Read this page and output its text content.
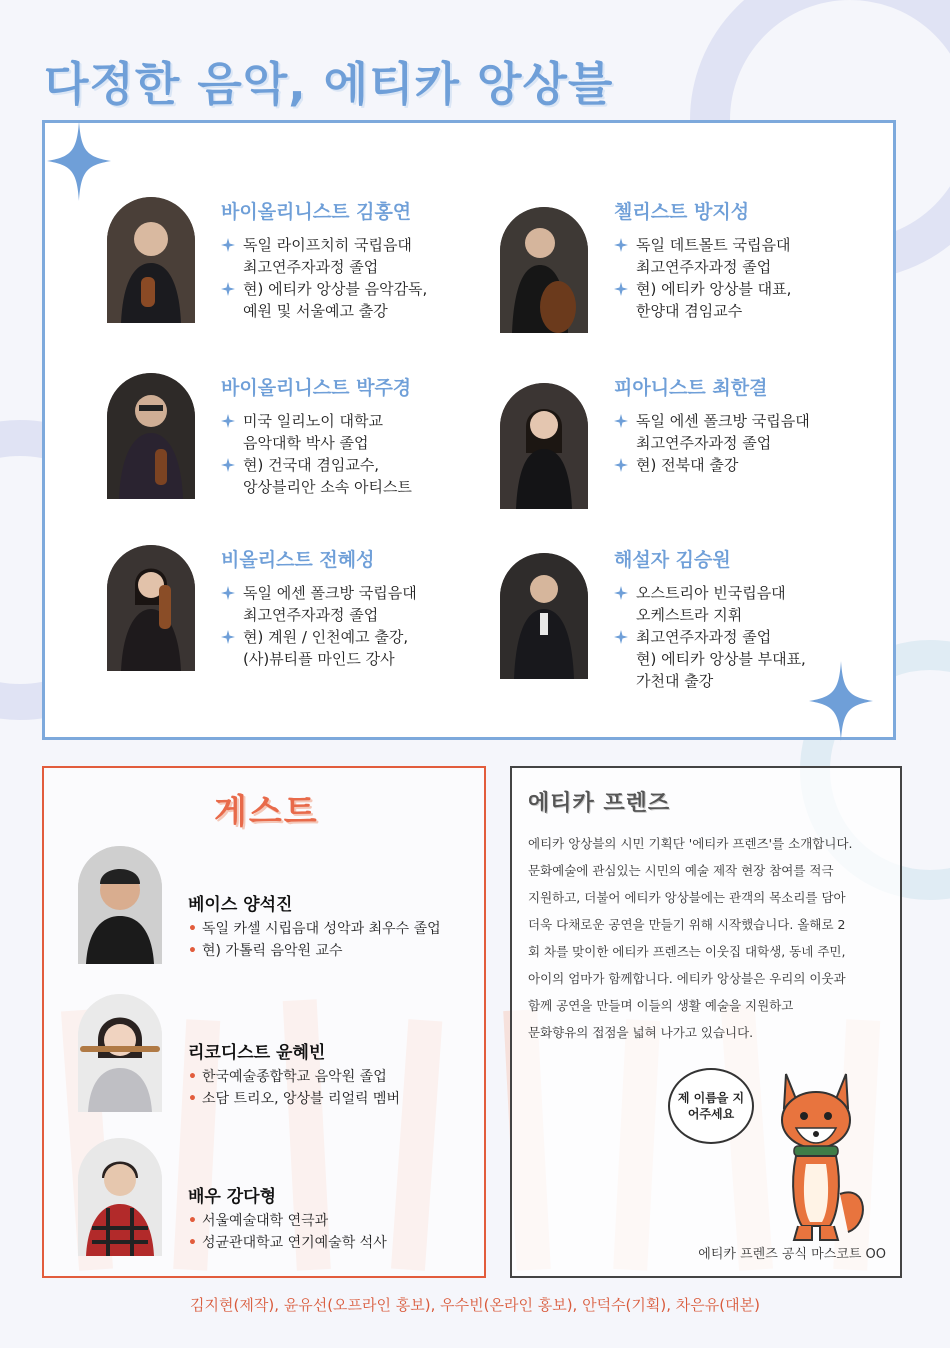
다정한 음악, 에티카 앙상블
바이올리니스트 김홍연
독일 라이프치히 국립음대
최고연주자과정 졸업
현) 에티카 앙상블 음악감독,
예원 및 서울예고 출강
첼리스트 방지성
독일 데트몰트 국립음대
최고연주자과정 졸업
현) 에티카 앙상블 대표,
한양대 겸임교수
바이올리니스트 박주경
미국 일리노이 대학교
음악대학 박사 졸업
현) 건국대 겸임교수,
앙상블리안 소속 아티스트
피아니스트 최한결
독일 에센 폴크방 국립음대
최고연주자과정 졸업
현) 전북대 출강
비올리스트 전혜성
독일 에센 폴크방 국립음대
최고연주자과정 졸업
현) 계원 / 인천예고 출강,
(사)뷰티플 마인드 강사
해설자 김승원
오스트리아 빈국립음대
오케스트라 지휘
최고연주자과정 졸업
현) 에티카 앙상블 부대표,
가천대 출강
게스트
베이스 양석진
• 독일 카셀 시립음대 성악과 최우수 졸업
• 현) 가톨릭 음악원 교수
리코디스트 윤혜빈
• 한국예술종합학교 음악원 졸업
• 소담 트리오, 앙상블 리얼릭 멤버
배우 강다형
• 서울예술대학 연극과
• 성균관대학교 연기예술학 석사
에티카 프렌즈
에티카 앙상블의 시민 기획단 '에티카 프렌즈'를 소개합니다.
문화예술에 관심있는 시민의 예술 제작 현장 참여를 적극
지원하고, 더불어 에티카 앙상블에는 관객의 목소리를 담아
더욱 다채로운 공연을 만들기 위해 시작했습니다. 올해로 2
회 차를 맞이한 에티카 프렌즈는 이웃집 대학생, 동네 주민,
아이의 엄마가 함께합니다. 에티카 앙상블은 우리의 이웃과
함께 공연을 만들며 이들의 생활 예술을 지원하고
문화향유의 접점을 넓혀 나가고 있습니다.
제 이름을 지어주세요
에티카 프렌즈 공식 마스코트 OO
김지현(제작), 윤유선(오프라인 홍보), 우수빈(온라인 홍보), 안덕수(기획), 차은유(대본)
